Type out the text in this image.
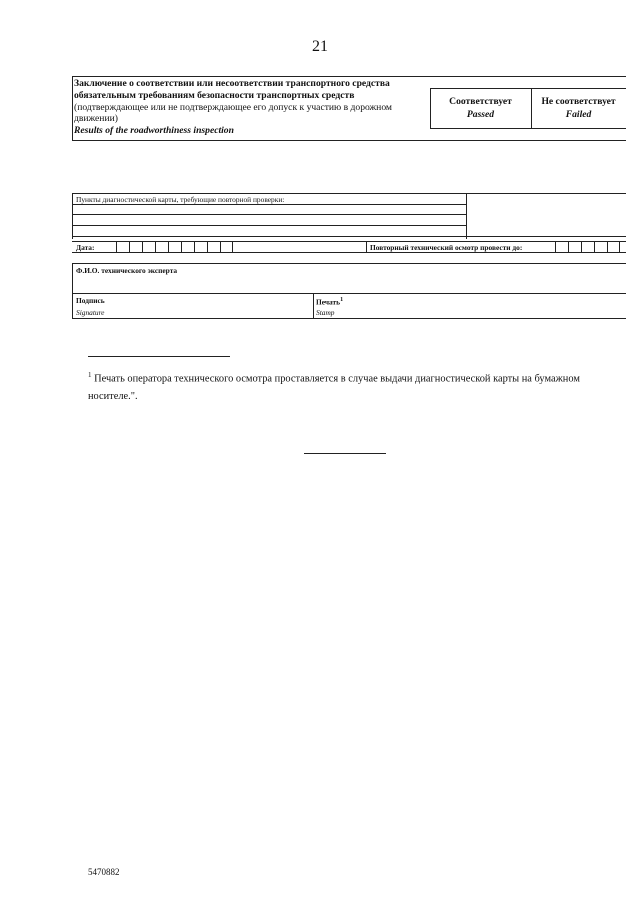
21
Заключение о соответствии или несоответствии транспортного средства обязательным требованиям безопасности транспортных средств (подтверждающее или не подтверждающее его допуск к участию в дорожном движении)
Results of the roadworthiness inspection
Соответствует
Passed
Не соответствует
Failed
Пункты диагностической карты, требующие повторной проверки:
Дата:	Повторный технический осмотр провести до:
Ф.И.О. технического эксперта
Подпись
Signature
Печать$^1$
Stamp
$^1$ Печать оператора технического осмотра проставляется в случае выдачи диагностической карты на бумажном носителе.".
5470882
